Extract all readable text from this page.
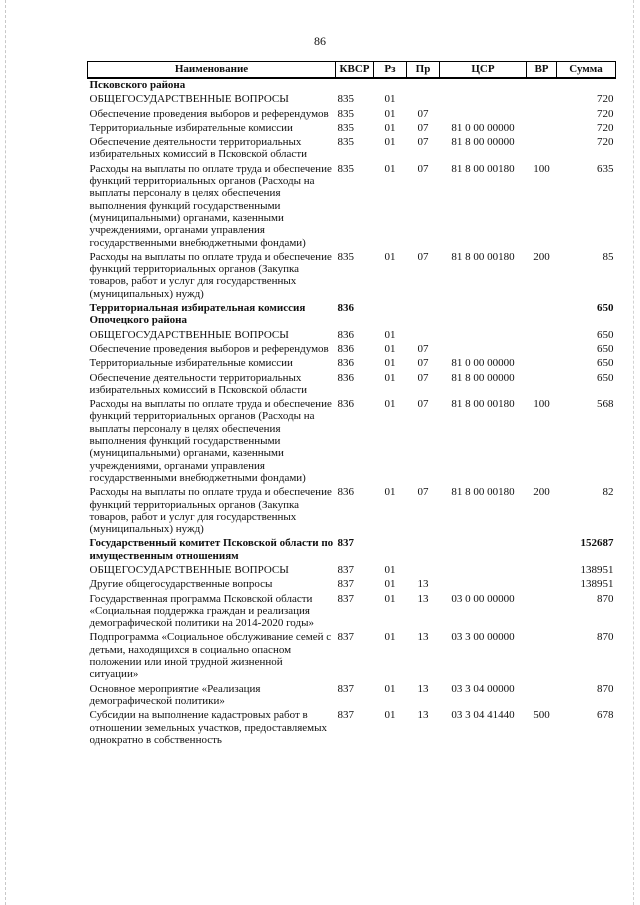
86
Наименование	КВСР	Рз	Пр	ЦСР	ВР	Сумма
Псковского района						
ОБЩЕГОСУДАРСТВЕННЫЕ ВОПРОСЫ	835	01				720
Обеспечение проведения выборов и референдумов	835	01	07			720
Территориальные избирательные комиссии	835	01	07	81 0 00 00000		720
Обеспечение деятельности территориальных избирательных комиссий в Псковской области	835	01	07	81 8 00 00000		720
Расходы на выплаты по оплате труда и обеспечение функций территориальных органов (Расходы на выплаты персоналу в целях обеспечения выполнения функций государственными (муниципальными) органами, казенными учреждениями, органами управления государственными внебюджетными фондами)	835	01	07	81 8 00 00180	100	635
Расходы на выплаты по оплате труда и обеспечение функций территориальных органов (Закупка товаров, работ и услуг для государственных (муниципальных) нужд)	835	01	07	81 8 00 00180	200	85
Территориальная избирательная комиссия Опочецкого района	836					650
ОБЩЕГОСУДАРСТВЕННЫЕ ВОПРОСЫ	836	01				650
Обеспечение проведения выборов и референдумов	836	01	07			650
Территориальные избирательные комиссии	836	01	07	81 0 00 00000		650
Обеспечение деятельности территориальных избирательных комиссий в Псковской области	836	01	07	81 8 00 00000		650
Расходы на выплаты по оплате труда и обеспечение функций территориальных органов (Расходы на выплаты персоналу в целях обеспечения выполнения функций государственными (муниципальными) органами, казенными учреждениями, органами управления государственными внебюджетными фондами)	836	01	07	81 8 00 00180	100	568
Расходы на выплаты по оплате труда и обеспечение функций территориальных органов (Закупка товаров, работ и услуг для государственных (муниципальных) нужд)	836	01	07	81 8 00 00180	200	82
Государственный комитет Псковской области по имущественным отношениям	837					152687
ОБЩЕГОСУДАРСТВЕННЫЕ ВОПРОСЫ	837	01				138951
Другие общегосударственные вопросы	837	01	13			138951
Государственная программа Псковской области «Социальная поддержка граждан и реализация демографической политики на 2014-2020 годы»	837	01	13	03 0 00 00000		870
Подпрограмма «Социальное обслуживание семей с детьми, находящихся в социально опасном положении или иной трудной жизненной ситуации»	837	01	13	03 3 00 00000		870
Основное мероприятие «Реализация демографической политики»	837	01	13	03 3 04 00000		870
Субсидии на выполнение кадастровых работ в отношении земельных участков, предоставляемых однократно в собственность	837	01	13	03 3 04 41440	500	678
